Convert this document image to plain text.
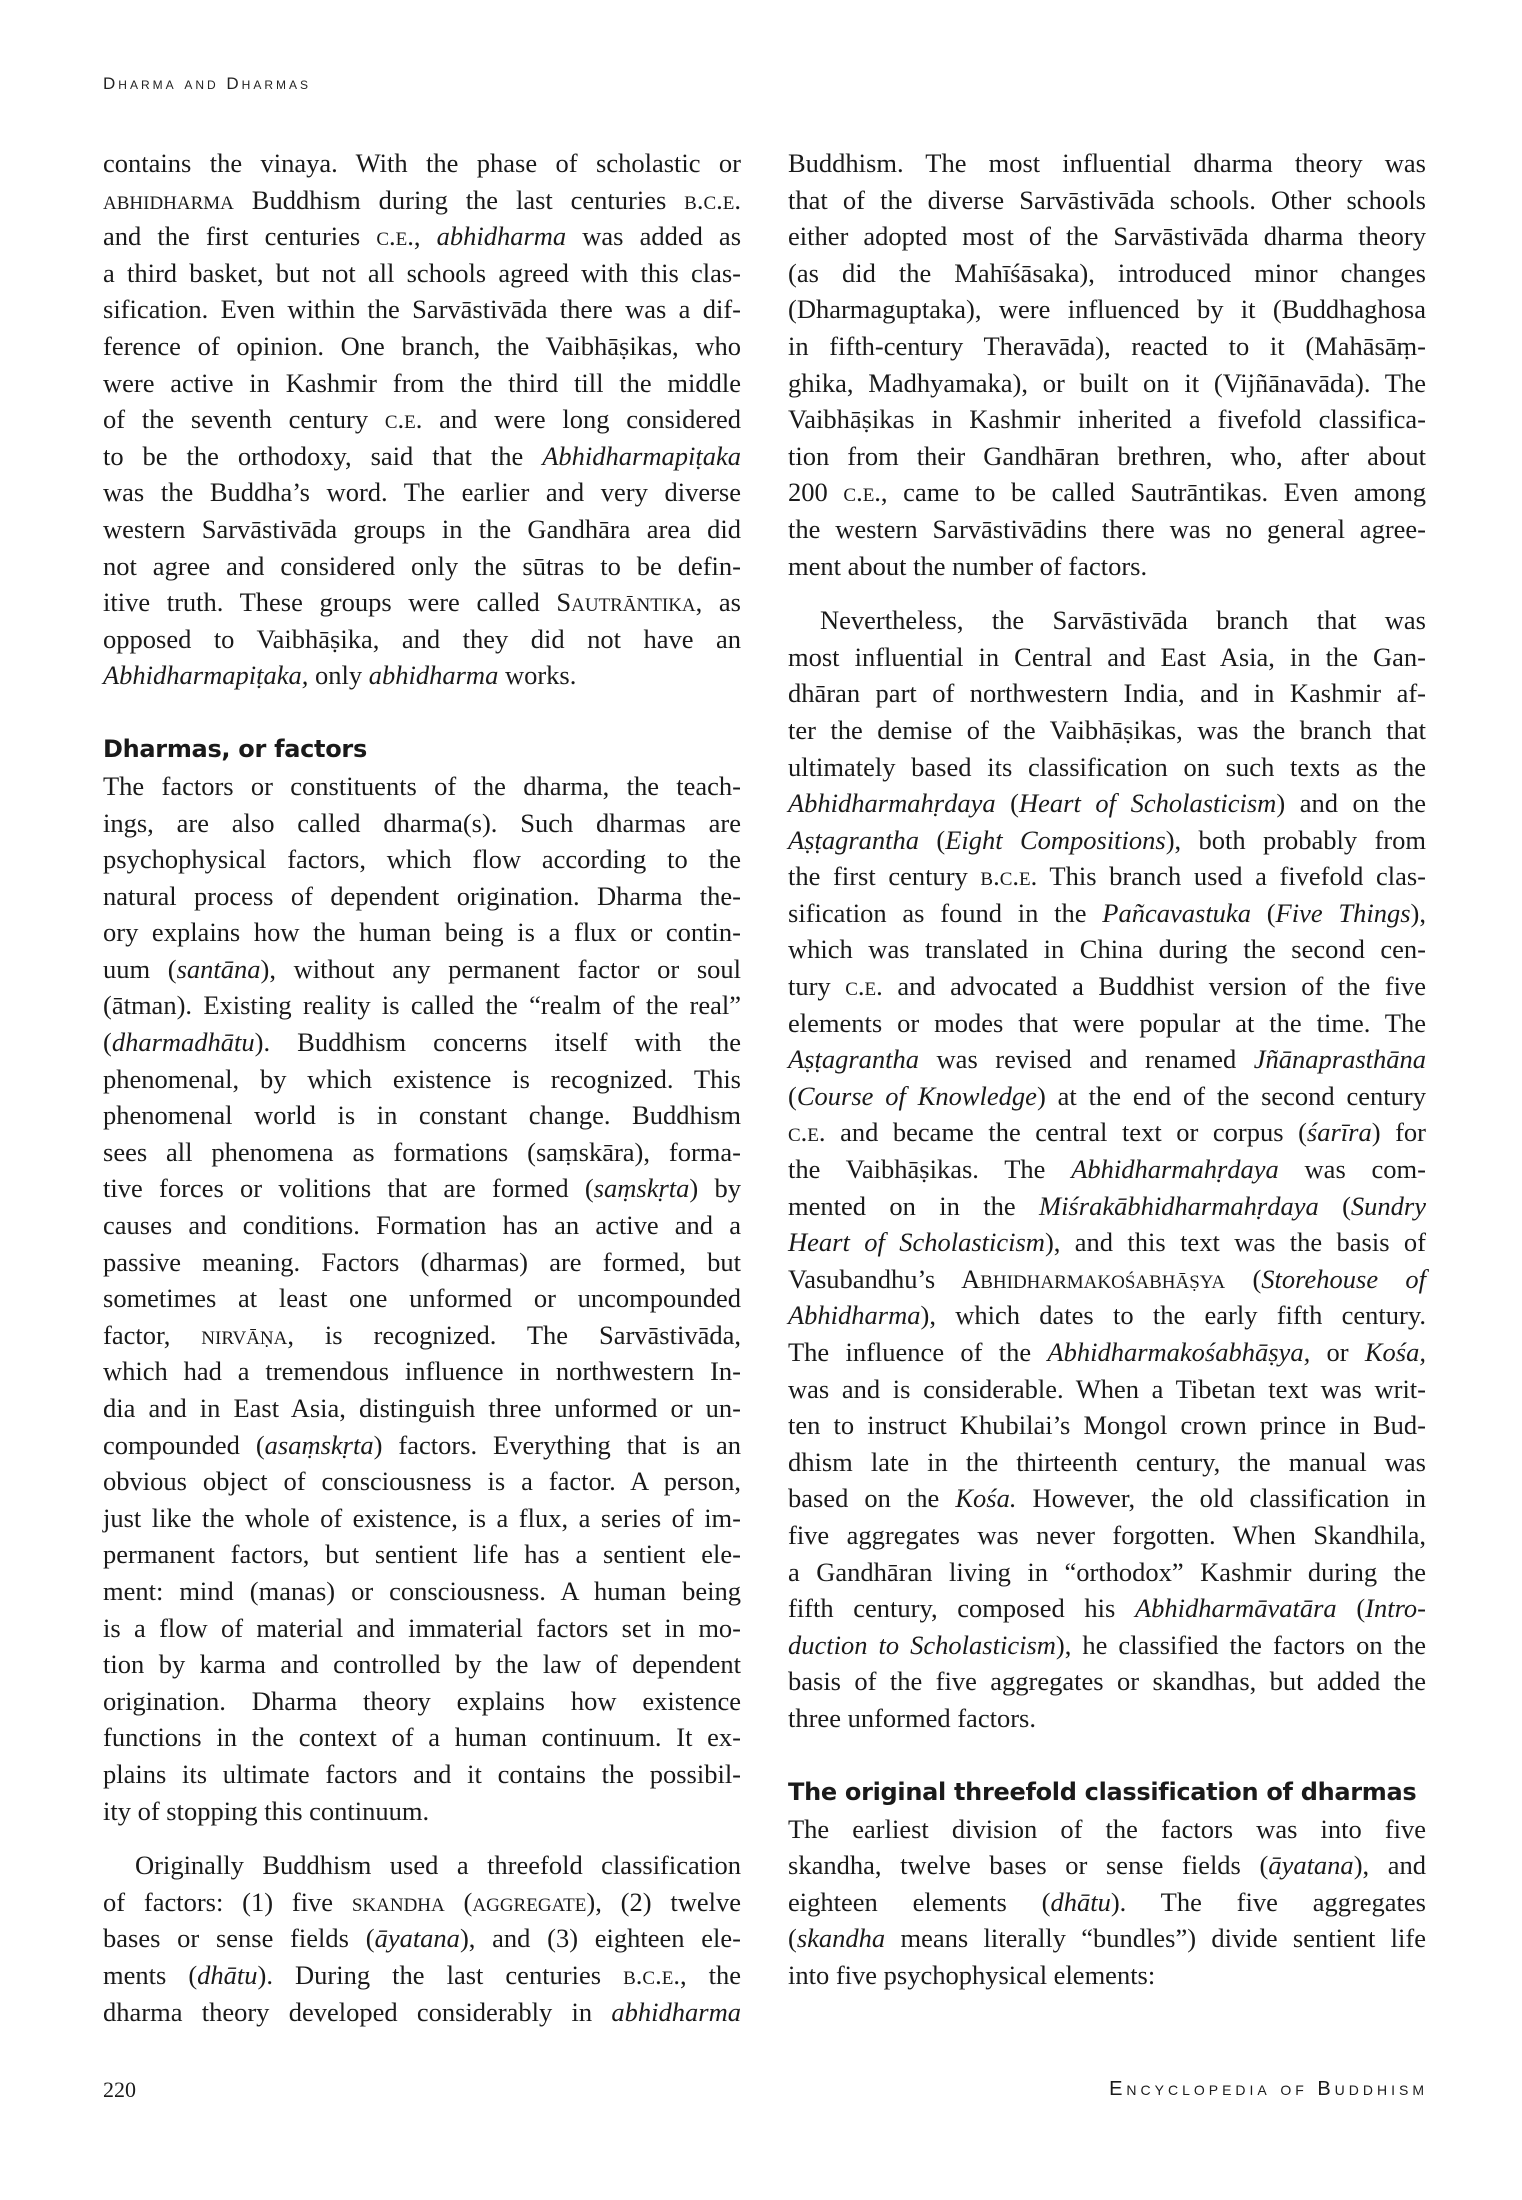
Dharma and Dharmas
contains the vinaya. With the phase of scholastic or
abhidharma Buddhism during the last centuries b.c.e.
and the first centuries c.e., abhidharma was added as
a third basket, but not all schools agreed with this clas-
sification. Even within the Sarvāstivāda there was a dif-
ference of opinion. One branch, the Vaibhāṣikas, who
were active in Kashmir from the third till the middle
of the seventh century c.e. and were long considered
to be the orthodoxy, said that the Abhidharmapiṭaka
was the Buddha’s word. The earlier and very diverse
western Sarvāstivāda groups in the Gandhāra area did
not agree and considered only the sūtras to be defin-
itive truth. These groups were called Sautrāntika, as
opposed to Vaibhāṣika, and they did not have an
Abhidharmapiṭaka, only abhidharma works.
Dharmas, or factors
The factors or constituents of the dharma, the teach-
ings, are also called dharma(s). Such dharmas are
psychophysical factors, which flow according to the
natural process of dependent origination. Dharma the-
ory explains how the human being is a flux or contin-
uum (santāna), without any permanent factor or soul
(ātman). Existing reality is called the “realm of the real”
(dharmadhātu). Buddhism concerns itself with the
phenomenal, by which existence is recognized. This
phenomenal world is in constant change. Buddhism
sees all phenomena as formations (saṃskāra), forma-
tive forces or volitions that are formed (saṃskṛta) by
causes and conditions. Formation has an active and a
passive meaning. Factors (dharmas) are formed, but
sometimes at least one unformed or uncompounded
factor, nirvāṇa, is recognized. The Sarvāstivāda,
which had a tremendous influence in northwestern In-
dia and in East Asia, distinguish three unformed or un-
compounded (asaṃskṛta) factors. Everything that is an
obvious object of consciousness is a factor. A person,
just like the whole of existence, is a flux, a series of im-
permanent factors, but sentient life has a sentient ele-
ment: mind (manas) or consciousness. A human being
is a flow of material and immaterial factors set in mo-
tion by karma and controlled by the law of dependent
origination. Dharma theory explains how existence
functions in the context of a human continuum. It ex-
plains its ultimate factors and it contains the possibil-
ity of stopping this continuum.
Originally Buddhism used a threefold classification
of factors: (1) five skandha (aggregate), (2) twelve
bases or sense fields (āyatana), and (3) eighteen ele-
ments (dhātu). During the last centuries b.c.e., the
dharma theory developed considerably in abhidharma
Buddhism. The most influential dharma theory was
that of the diverse Sarvāstivāda schools. Other schools
either adopted most of the Sarvāstivāda dharma theory
(as did the Mahīśāsaka), introduced minor changes
(Dharmaguptaka), were influenced by it (Buddhaghosa
in fifth-century Theravāda), reacted to it (Mahāsāṃ-
ghika, Madhyamaka), or built on it (Vijñānavāda). The
Vaibhāṣikas in Kashmir inherited a fivefold classifica-
tion from their Gandhāran brethren, who, after about
200 c.e., came to be called Sautrāntikas. Even among
the western Sarvāstivādins there was no general agree-
ment about the number of factors.
Nevertheless, the Sarvāstivāda branch that was
most influential in Central and East Asia, in the Gan-
dhāran part of northwestern India, and in Kashmir af-
ter the demise of the Vaibhāṣikas, was the branch that
ultimately based its classification on such texts as the
Abhidharmahṛdaya (Heart of Scholasticism) and on the
Aṣṭagrantha (Eight Compositions), both probably from
the first century b.c.e. This branch used a fivefold clas-
sification as found in the Pañcavastuka (Five Things),
which was translated in China during the second cen-
tury c.e. and advocated a Buddhist version of the five
elements or modes that were popular at the time. The
Aṣṭagrantha was revised and renamed Jñānaprasthāna
(Course of Knowledge) at the end of the second century
c.e. and became the central text or corpus (śarīra) for
the Vaibhāṣikas. The Abhidharmahṛdaya was com-
mented on in the Miśrakābhidharmahṛdaya (Sundry
Heart of Scholasticism), and this text was the basis of
Vasubandhu’s Abhidharmakośabhāṣya (Storehouse of
Abhidharma), which dates to the early fifth century.
The influence of the Abhidharmakośabhāṣya, or Kośa,
was and is considerable. When a Tibetan text was writ-
ten to instruct Khubilai’s Mongol crown prince in Bud-
dhism late in the thirteenth century, the manual was
based on the Kośa. However, the old classification in
five aggregates was never forgotten. When Skandhila,
a Gandhāran living in “orthodox” Kashmir during the
fifth century, composed his Abhidharmāvatāra (Intro-
duction to Scholasticism), he classified the factors on the
basis of the five aggregates or skandhas, but added the
three unformed factors.
The original threefold classification of dharmas
The earliest division of the factors was into five
skandha, twelve bases or sense fields (āyatana), and
eighteen elements (dhātu). The five aggregates
(skandha means literally “bundles”) divide sentient life
into five psychophysical elements:
220	Encyclopedia of Buddhism
